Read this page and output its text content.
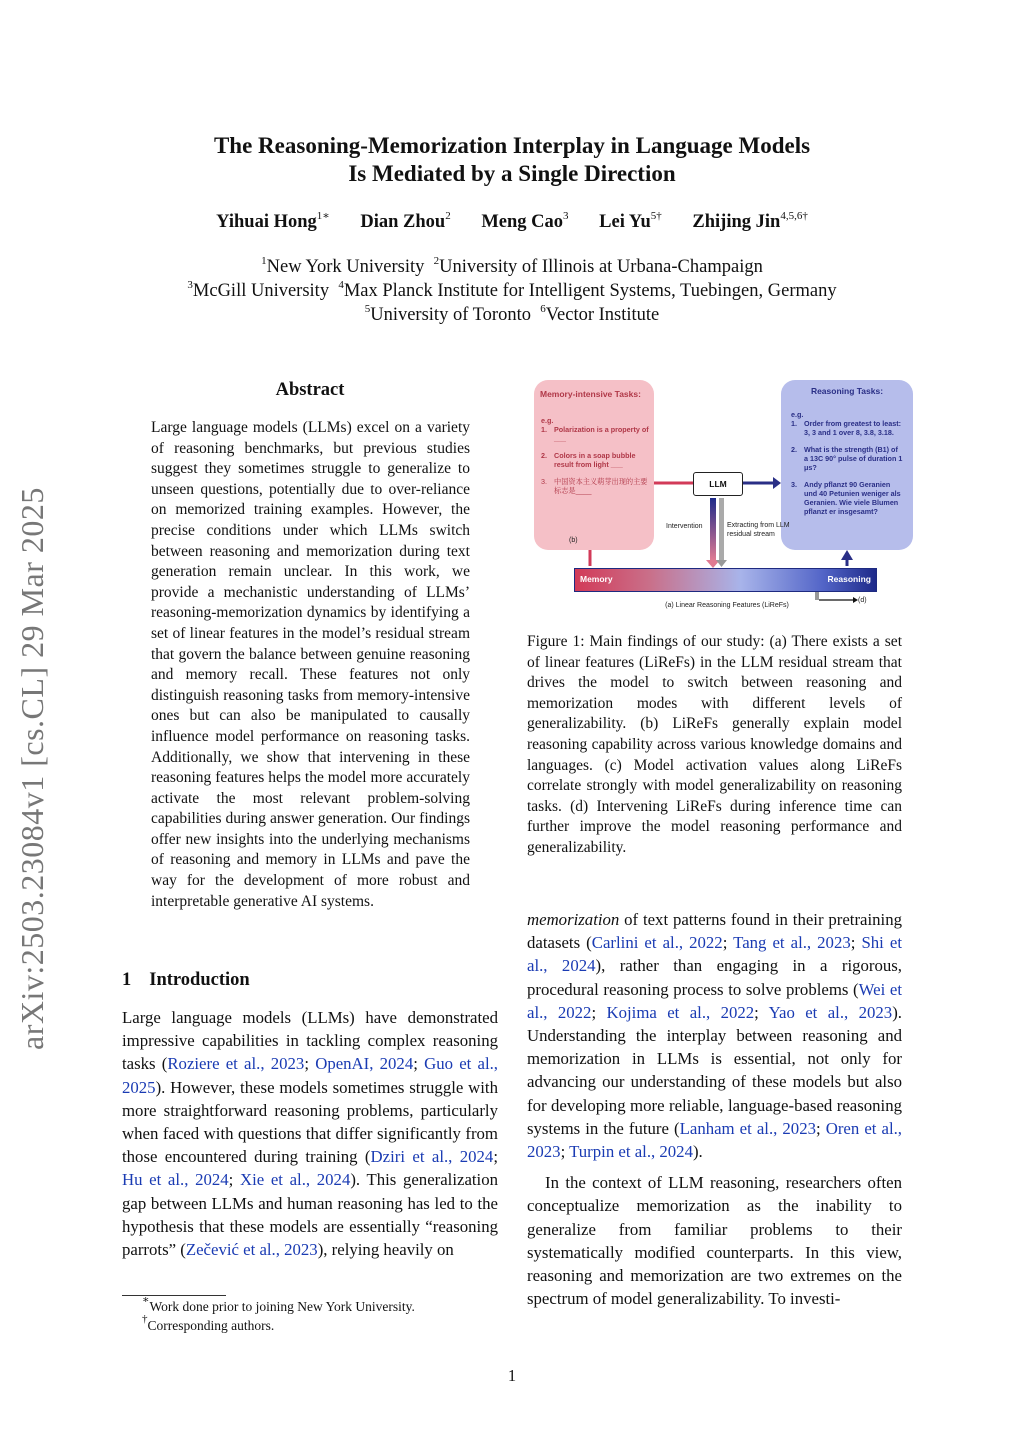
The Reasoning-Memorization Interplay in Language Models
Is Mediated by a Single Direction
Yihuai Hong$^{1∗}$ Dian Zhou$^2$ Meng Cao$^3$ Lei $Yu^{5\dagger}$ Zhijing Jin$^{4,5,6\dagger}$
$^1$New York University $^2$University of Illinois at Urbana-Champaign
$^3$McGill University $^4$Max Planck Institute for Intelligent Systems, Tuebingen, Germany
$^5$University of Toronto $^6$Vector Institute
arXiv:2503.23084v1 [cs.CL] 29 Mar 2025
Abstract
Large language models (LLMs) excel on a variety of reasoning benchmarks, but previous studies suggest they sometimes struggle to generalize to unseen questions, potentially due to over-reliance on memorized training examples. However, the precise conditions under which LLMs switch between reasoning and memorization during text generation remain unclear. In this work, we provide a mechanistic understanding of LLMs’ reasoning-memorization dynamics by identifying a set of linear features in the model’s residual stream that govern the balance between genuine reasoning and memory recall. These features not only distinguish reasoning tasks from memory-intensive ones but can also be manipulated to causally influence model performance on reasoning tasks. Additionally, we show that intervening in these reasoning features helps the model more accurately activate the most relevant problem-solving capabilities during answer generation. Our findings offer new insights into the underlying mechanisms of reasoning and memory in LLMs and pave the way for the development of more robust and interpretable generative AI systems.
1 Introduction
Large language models (LLMs) have demonstrated impressive capabilities in tackling complex reasoning tasks (Roziere et al., 2023; OpenAI, 2024; Guo et al., 2025). However, these models sometimes struggle with more straightforward reasoning problems, particularly when faced with questions that differ significantly from those encountered during training (Dziri et al., 2024; Hu et al., 2024; Xie et al., 2024). This generalization gap between LLMs and human reasoning has led to the hypothesis that these models are essentially “reasoning parrots” (Zečević et al., 2023), relying heavily on
Memory-intensive Tasks:
e.g.
1. Polarization is a property of ___
2. Colors in a soap bubble result from light ___
3. 中国资本主义萌芽出现的主要标志是____
(b)
Reasoning Tasks:
e.g.
1. Order from greatest to least: 3, 3 and 1 over 8, 3.8, 3.18.
2. What is the strength (B1) of a 13C 90° pulse of duration 1 μs?
3. Andy pflanzt 90 Geranien und 40 Petunien weniger als Geranien. Wie viele Blumen pflanzt er insgesamt?
LLM
Intervention	Extracting from LLM residual stream
Memory	Reasoning
(d)
(a) Linear Reasoning Features (LiReFs)
Figure 1: Main findings of our study: (a) There exists a set of linear features (LiReFs) in the LLM residual stream that drives the model to switch between reasoning and memorization modes with different levels of generalizability. (b) LiReFs generally explain model reasoning capability across various knowledge domains and languages. (c) Model activation values along LiReFs correlate strongly with model generalizability on reasoning tasks. (d) Intervening LiReFs during inference time can further improve the model reasoning performance and generalizability.
memorization of text patterns found in their pretraining datasets (Carlini et al., 2022; Tang et al., 2023; Shi et al., 2024), rather than engaging in a rigorous, procedural reasoning process to solve problems (Wei et al., 2022; Kojima et al., 2022; Yao et al., 2023). Understanding the interplay between reasoning and memorization in LLMs is essential, not only for advancing our understanding of these models but also for developing more reliable, language-based reasoning systems in the future (Lanham et al., 2023; Oren et al., 2023; Turpin et al., 2024).
In the context of LLM reasoning, researchers often conceptualize memorization as the inability to generalize from familiar problems to their systematically modified counterparts. In this view, reasoning and memorization are two extremes on the spectrum of model generalizability. To investi-
∗Work done prior to joining New York University.
†Corresponding authors.
1
